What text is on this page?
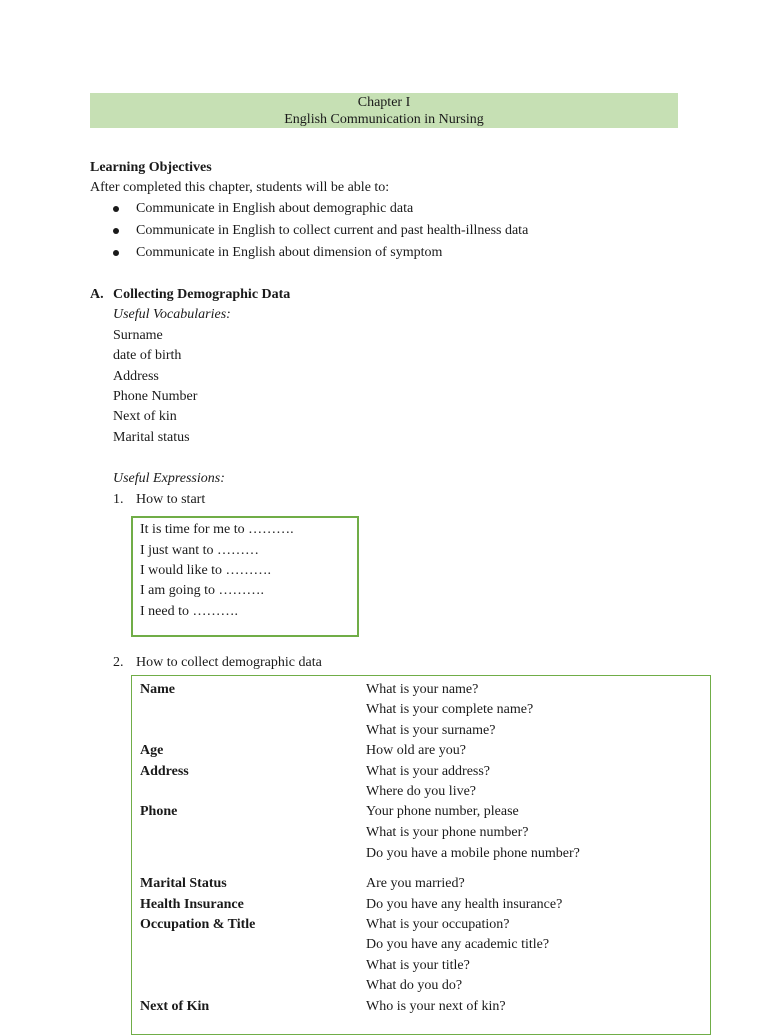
Chapter I
English Communication in Nursing
Learning Objectives
After completed this chapter, students will be able to:
Communicate in English about demographic data
Communicate in English to collect current and past health-illness data
Communicate in English about dimension of symptom
A. Collecting Demographic Data
Useful Vocabularies:
Surname
date of birth
Address
Phone Number
Next of kin
Marital status
Useful Expressions:
1. How to start
It is time for me to ……….
I just want to ………
I would like to ……….
I am going to ……….
I need to ……….
2. How to collect demographic data
Name	What is your name?
What is your complete name?
What is your surname?
Age	How old are you?
Address	What is your address?
Where do you live?
Phone	Your phone number, please
What is your phone number?
Do you have a mobile phone number?
Marital Status	Are you married?
Health Insurance	Do you have any health insurance?
Occupation & Title	What is your occupation?
Do you have any academic title?
What is your title?
What do you do?
Next of Kin	Who is your next of kin?
